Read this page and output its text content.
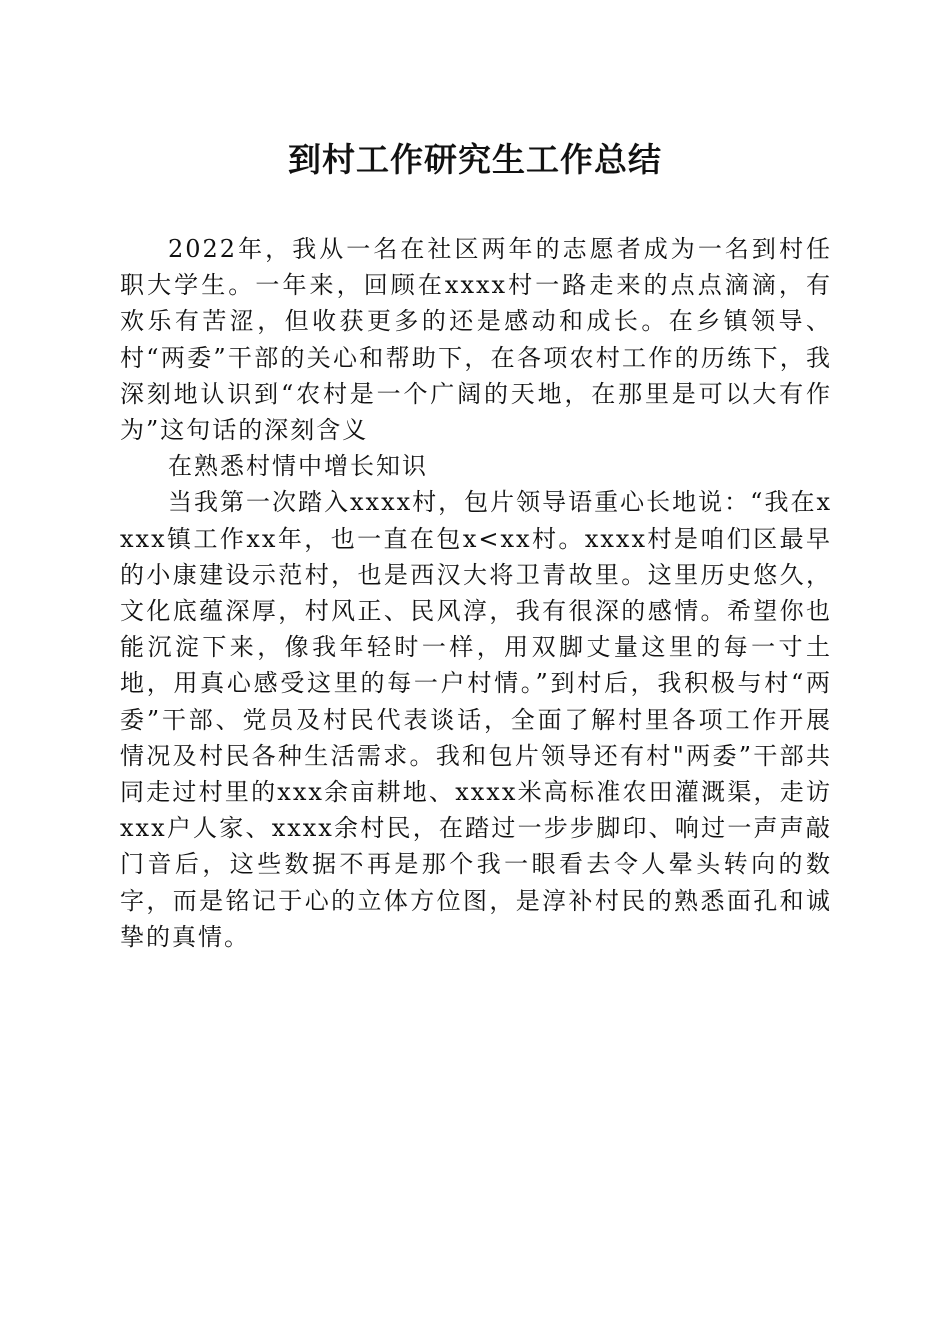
到村工作研究生工作总结

2022年，我从一名在社区两年的志愿者成为一名到村任职大学生。一年来，回顾在xxxx村一路走来的点点滴滴，有欢乐有苦涩，但收获更多的还是感动和成长。在乡镇领导、村“两委”干部的关心和帮助下，在各项农村工作的历练下，我深刻地认识到“农村是一个广阔的天地，在那里是可以大有作为”这句话的深刻含义

在熟悉村情中增长知识

当我第一次踏入xxxx村，包片领导语重心长地说：“我在xxxx镇工作xx年，也一直在包x<xx村。xxxx村是咱们区最早的小康建设示范村，也是西汉大将卫青故里。这里历史悠久，文化底蕴深厚，村风正、民风淳，我有很深的感情。希望你也能沉淀下来，像我年轻时一样，用双脚丈量这里的每一寸土地，用真心感受这里的每一户村情。”到村后，我积极与村“两委”干部、党员及村民代表谈话，全面了解村里各项工作开展情况及村民各种生活需求。我和包片领导还有村"两委”干部共同走过村里的xxx余亩耕地、xxxx米高标准农田灌溉渠，走访xxx户人家、xxxx余村民，在踏过一步步脚印、响过一声声敲门音后，这些数据不再是那个我一眼看去令人晕头转向的数字，而是铭记于心的立体方位图，是淳补村民的熟悉面孔和诚挚的真情。
